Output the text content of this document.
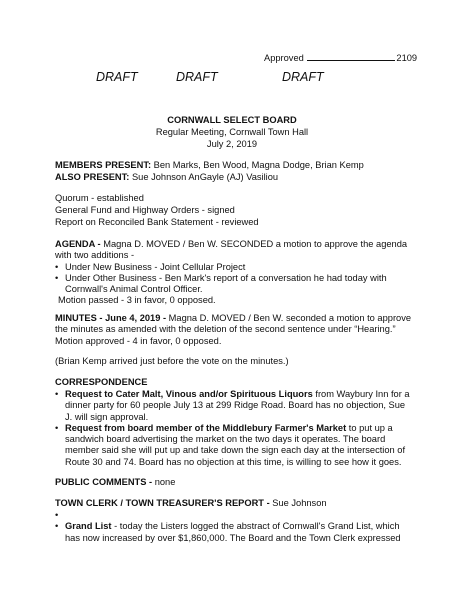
Approved	2109
DRAFT	DRAFT	DRAFT
CORNWALL SELECT BOARD
Regular Meeting, Cornwall Town Hall
July 2, 2019
MEMBERS PRESENT: Ben Marks, Ben Wood, Magna Dodge, Brian Kemp
ALSO PRESENT: Sue Johnson AnGayle (AJ) Vasiliou
Quorum - established
General Fund and Highway Orders - signed
Report on Reconciled Bank Statement - reviewed
AGENDA - Magna D. MOVED / Ben W. SECONDED a motion to approve the agenda
with two additions -
• Under New Business - Joint Cellular Project
• Under Other Business - Ben Mark's report of a conversation he had today with
Cornwall's Animal Control Officer.
Motion passed - 3 in favor, 0 opposed.
MINUTES - June 4, 2019 - Magna D. MOVED / Ben W. seconded a motion to approve
the minutes as amended with the deletion of the second sentence under “Hearing.”
Motion approved - 4 in favor, 0 opposed.
(Brian Kemp arrived just before the vote on the minutes.)
CORRESPONDENCE
• Request to Cater Malt, Vinous and/or Spirituous Liquors from Waybury Inn for a
dinner party for 60 people July 13 at 299 Ridge Road. Board has no objection, Sue
J. will sign approval.
• Request from board member of the Middlebury Farmer's Market to put up a
sandwich board advertising the market on the two days it operates. The board
member said she will put up and take down the sign each day at the intersection of
Route 30 and 74. Board has no objection at this time, is willing to see how it goes.
PUBLIC COMMENTS - none
TOWN CLERK / TOWN TREASURER'S REPORT - Sue Johnson
•

• Grand List - today the Listers logged the abstract of Cornwall's Grand List, which
has now increased by over $1,860,000. The Board and the Town Clerk expressed
